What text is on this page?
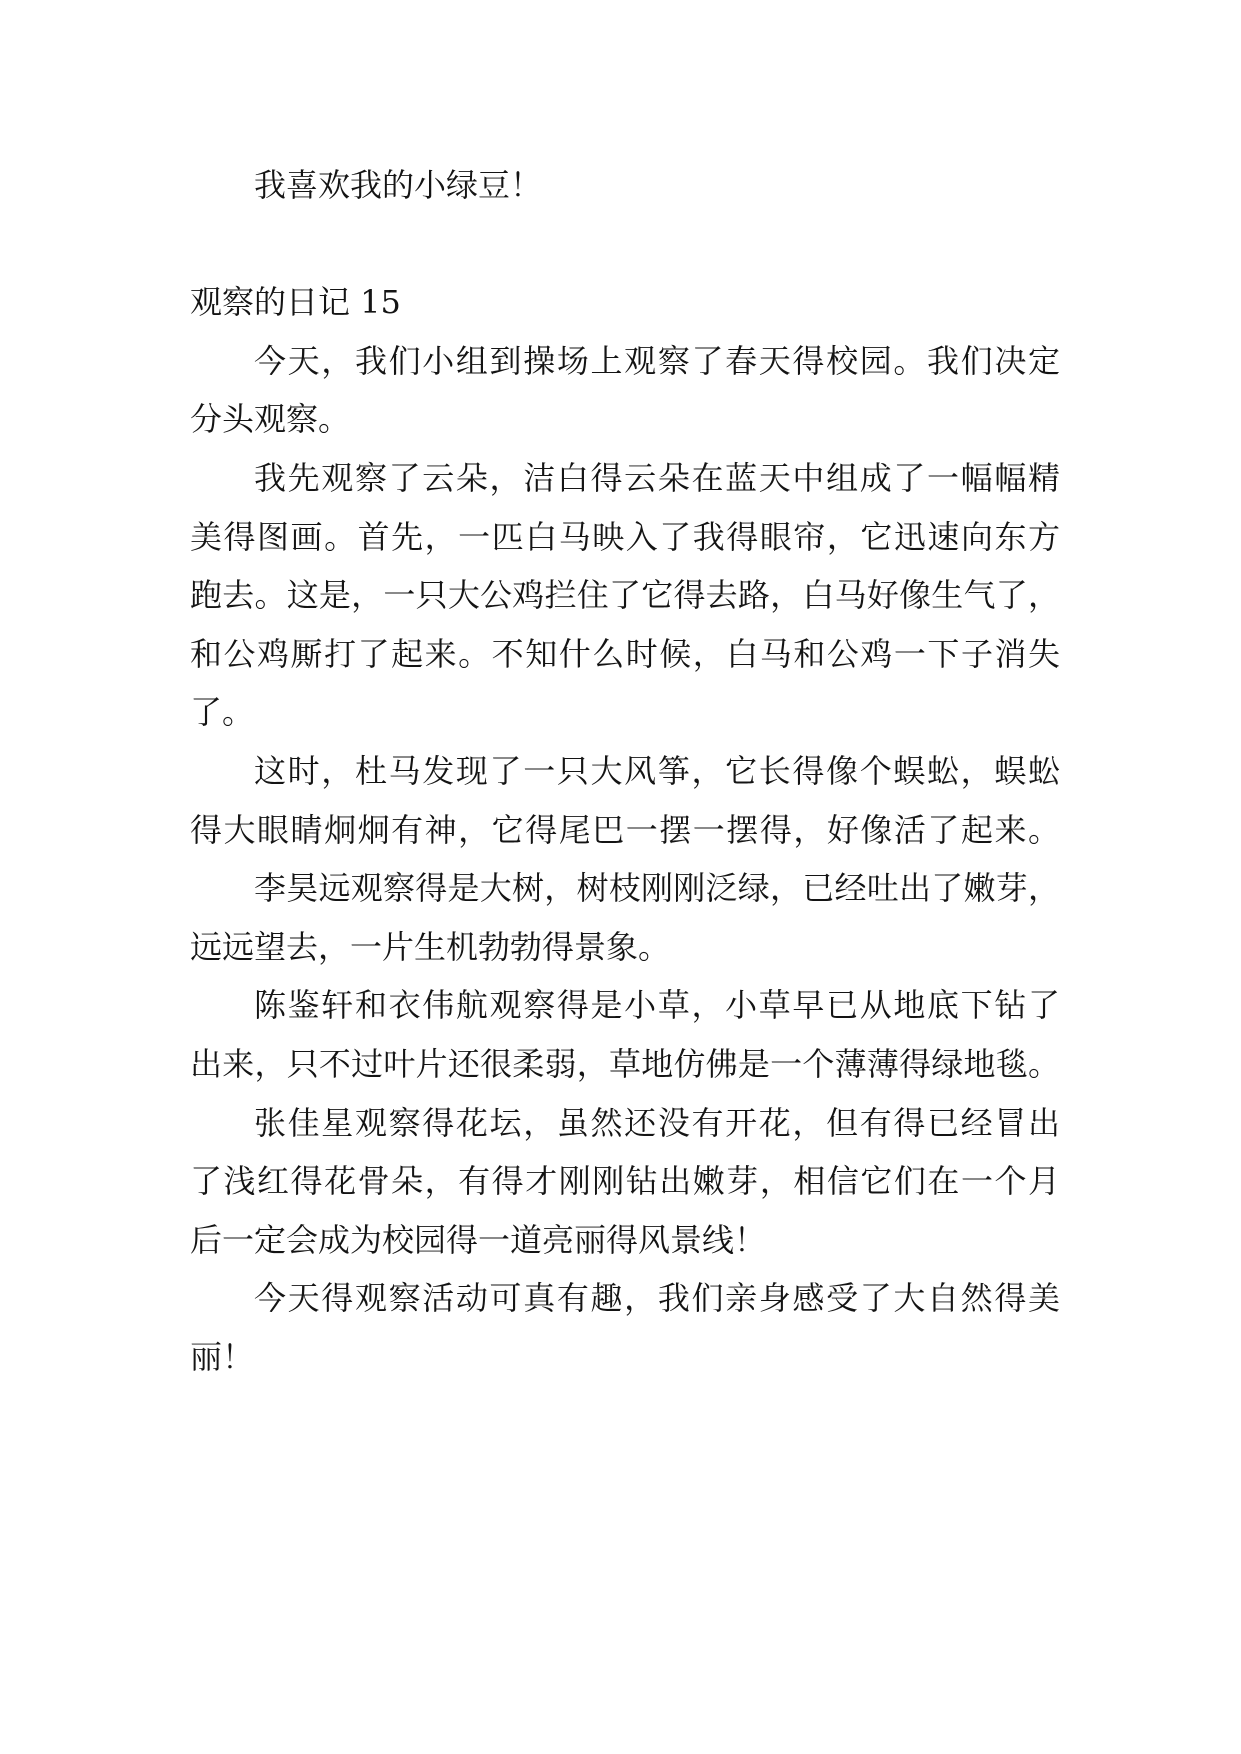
我喜欢我的小绿豆！
观察的日记 15
今天，我们小组到操场上观察了春天得校园。我们决定
分头观察。
我先观察了云朵，洁白得云朵在蓝天中组成了一幅幅精
美得图画。首先，一匹白马映入了我得眼帘，它迅速向东方
跑去。这是，一只大公鸡拦住了它得去路，白马好像生气了，
和公鸡厮打了起来。不知什么时候，白马和公鸡一下子消失
了。
这时，杜马发现了一只大风筝，它长得像个蜈蚣，蜈蚣
得大眼睛炯炯有神，它得尾巴一摆一摆得，好像活了起来。
李昊远观察得是大树，树枝刚刚泛绿，已经吐出了嫩芽，
远远望去，一片生机勃勃得景象。
陈鉴轩和衣伟航观察得是小草，小草早已从地底下钻了
出来，只不过叶片还很柔弱，草地仿佛是一个薄薄得绿地毯。
张佳星观察得花坛，虽然还没有开花，但有得已经冒出
了浅红得花骨朵，有得才刚刚钻出嫩芽，相信它们在一个月
后一定会成为校园得一道亮丽得风景线！
今天得观察活动可真有趣，我们亲身感受了大自然得美
丽！
